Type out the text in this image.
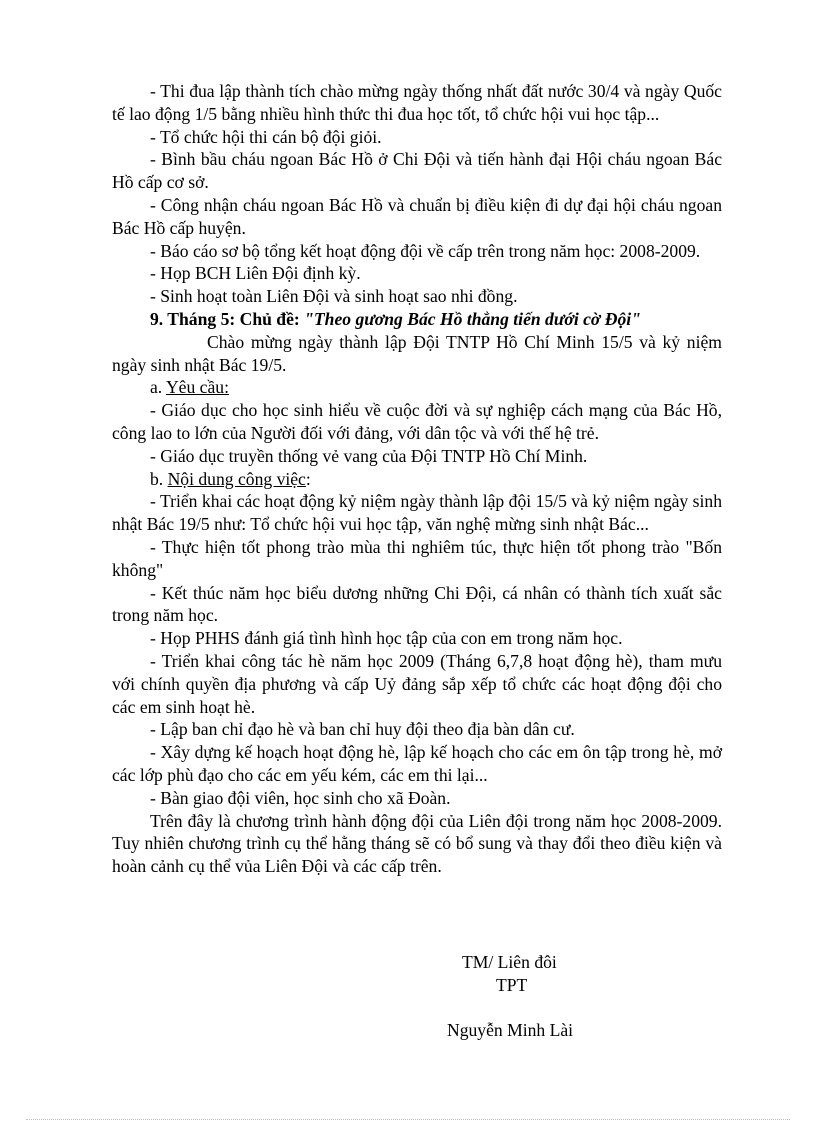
- Thi đua lập thành tích chào mừng ngày thống nhất đất nước 30/4 và ngày Quốc tế lao động 1/5 bằng nhiều hình thức thi đua học tốt, tổ chức hội vui học tập...

- Tổ chức hội thi cán bộ đội giỏi.

- Bình bầu cháu ngoan Bác Hồ ở Chi Đội và tiến hành đại Hội cháu ngoan Bác Hồ cấp cơ sở.

- Công nhận cháu ngoan Bác Hồ và chuẩn bị điều kiện đi dự đại hội cháu ngoan Bác Hồ cấp huyện.

- Báo cáo sơ bộ tổng kết hoạt động đội về cấp trên trong năm học: 2008-2009.

- Họp BCH Liên Đội định kỳ.

- Sinh hoạt toàn Liên Đội và sinh hoạt sao nhi đồng.

9. Tháng 5: Chủ đề: "Theo gương Bác Hồ thẳng tiến dưới cờ Đội"

Chào mừng ngày thành lập Đội TNTP Hồ Chí Minh 15/5 và kỷ niệm ngày sinh nhật Bác 19/5.

a. Yêu cầu:

- Giáo dục cho học sinh hiểu về cuộc đời và sự nghiệp cách mạng của Bác Hồ, công lao to lớn của Người đối với đảng, với dân tộc và với thế hệ trẻ.

- Giáo dục truyền thống vẻ vang của Đội TNTP Hồ Chí Minh.

b. Nội dung công việc:

- Triển khai các hoạt động kỷ niệm ngày thành lập đội 15/5 và kỷ niệm ngày sinh nhật Bác 19/5 như: Tổ chức hội vui học tập, văn nghệ mừng sinh nhật Bác...

- Thực hiện tốt phong trào mùa thi nghiêm túc, thực hiện tốt phong trào "Bốn không"

- Kết thúc năm học biểu dương những Chi Đội, cá nhân có thành tích xuất sắc trong năm học.

- Họp PHHS đánh giá tình hình học tập của con em trong năm học.

- Triển khai công tác hè năm học 2009 (Tháng 6,7,8 hoạt động hè), tham mưu với chính quyền địa phương và cấp Uỷ đảng sắp xếp tổ chức các hoạt động đội cho các em sinh hoạt hè.

- Lập ban chỉ đạo hè và ban chỉ huy đội theo địa bàn dân cư.

- Xây dựng kế hoạch hoạt động hè, lập kế hoạch cho các em ôn tập trong hè, mở các lớp phù đạo cho các em yếu kém, các em thi lại...

- Bàn giao đội viên, học sinh cho xã Đoàn.

Trên đây là chương trình hành động đội của Liên đội trong năm học 2008-2009. Tuy nhiên chương trình cụ thể hằng tháng sẽ có bổ sung và thay đổi theo điều kiện và hoàn cảnh cụ thể vủa Liên Đội và các cấp trên.

TM/ Liên đôi
TPT
Nguyễn Minh Lài
